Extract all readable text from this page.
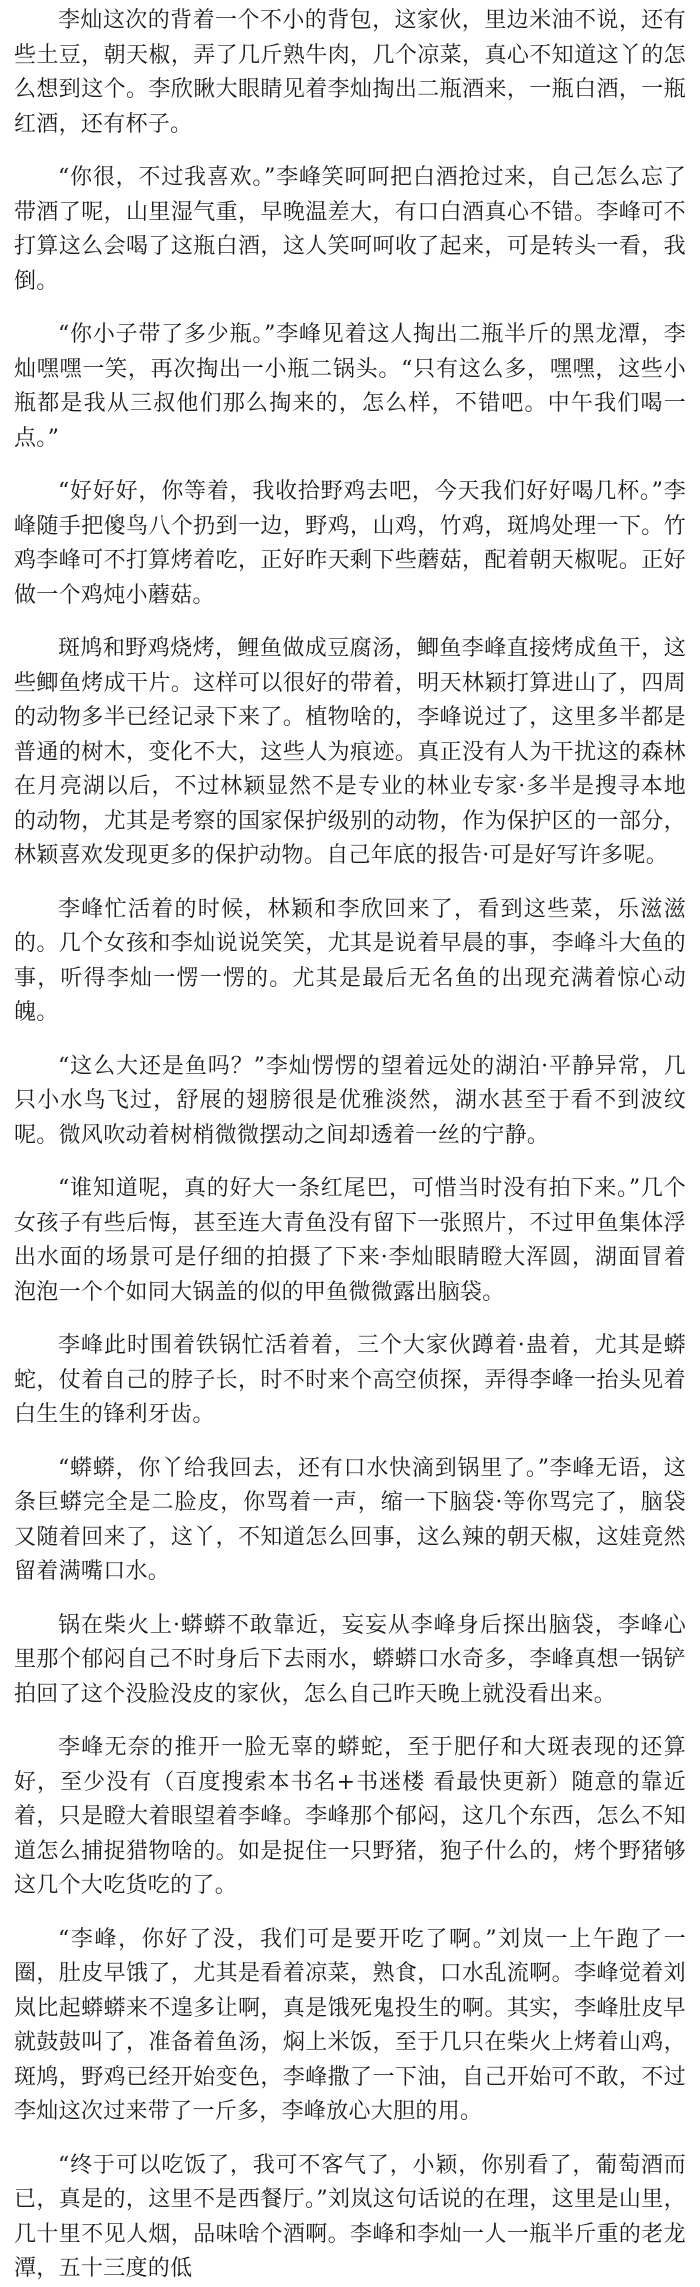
李灿这次的背着一个不小的背包，这家伙，里边米油不说，还有些土豆，朝天椒，弄了几斤熟牛肉，几个凉菜，真心不知道这丫的怎么想到这个。李欣瞅大眼睛见着李灿掏出二瓶酒来，一瓶白酒，一瓶红酒，还有杯子。

“你很，不过我喜欢。”李峰笑呵呵把白酒抢过来，自己怎么忘了带酒了呢，山里湿气重，早晚温差大，有口白酒真心不错。李峰可不打算这么会喝了这瓶白酒，这人笑呵呵收了起来，可是转头一看，我倒。

“你小子带了多少瓶。”李峰见着这人掏出二瓶半斤的黑龙潭，李灿嘿嘿一笑，再次掏出一小瓶二锅头。“只有这么多，嘿嘿，这些小瓶都是我从三叔他们那么掏来的，怎么样，不错吧。中午我们喝一点。”

“好好好，你等着，我收拾野鸡去吧，今天我们好好喝几杯。”李峰随手把傻鸟八个扔到一边，野鸡，山鸡，竹鸡，斑鸠处理一下。竹鸡李峰可不打算烤着吃，正好昨天剩下些蘑菇，配着朝天椒呢。正好做一个鸡炖小蘑菇。

斑鸠和野鸡烧烤，鲤鱼做成豆腐汤，鲫鱼李峰直接烤成鱼干，这些鲫鱼烤成干片。这样可以很好的带着，明天林颖打算进山了，四周的动物多半已经记录下来了。植物啥的，李峰说过了，这里多半都是普通的树木，变化不大，这些人为痕迹。真正没有人为干扰这的森林在月亮湖以后，不过林颖显然不是专业的林业专家·多半是搜寻本地的动物，尤其是考察的国家保护级别的动物，作为保护区的一部分，林颖喜欢发现更多的保护动物。自己年底的报告·可是好写许多呢。

李峰忙活着的时候，林颖和李欣回来了，看到这些菜，乐滋滋的。几个女孩和李灿说说笑笑，尤其是说着早晨的事，李峰斗大鱼的事，听得李灿一愣一愣的。尤其是最后无名鱼的出现充满着惊心动魄。

“这么大还是鱼吗？”李灿愣愣的望着远处的湖泊·平静异常，几只小水鸟飞过，舒展的翅膀很是优雅淡然，湖水甚至于看不到波纹呢。微风吹动着树梢微微摆动之间却透着一丝的宁静。

“谁知道呢，真的好大一条红尾巴，可惜当时没有拍下来。”几个女孩子有些后悔，甚至连大青鱼没有留下一张照片，不过甲鱼集体浮出水面的场景可是仔细的拍摄了下来·李灿眼睛瞪大浑圆，湖面冒着泡泡一个个如同大锅盖的似的甲鱼微微露出脑袋。

李峰此时围着铁锅忙活着着，三个大家伙蹲着·蛊着，尤其是蟒蛇，仗着自己的脖子长，时不时来个高空侦探，弄得李峰一抬头见着白生生的锋利牙齿。

“蟒蟒，你丫给我回去，还有口水快滴到锅里了。”李峰无语，这条巨蟒完全是二脸皮，你骂着一声，缩一下脑袋·等你骂完了，脑袋又随着回来了，这丫，不知道怎么回事，这么辣的朝天椒，这娃竟然留着满嘴口水。

锅在柴火上·蟒蟒不敢靠近，妄妄从李峰身后探出脑袋，李峰心里那个郁闷自己不时身后下去雨水，蟒蟒口水奇多，李峰真想一锅铲拍回了这个没脸没皮的家伙，怎么自己昨天晚上就没看出来。

李峰无奈的推开一脸无辜的蟒蛇，至于肥仔和大斑表现的还算好，至少没有（百度搜索本书名+书迷楼 看最快更新）随意的靠近着，只是瞪大着眼望着李峰。李峰那个郁闷，这几个东西，怎么不知道怎么捕捉猎物啥的。如是捉住一只野猪，狍子什么的，烤个野猪够这几个大吃货吃的了。

“李峰，你好了没，我们可是要开吃了啊。”刘岚一上午跑了一圈，肚皮早饿了，尤其是看着凉菜，熟食，口水乱流啊。李峰觉着刘岚比起蟒蟒来不遑多让啊，真是饿死鬼投生的啊。其实，李峰肚皮早就鼓鼓叫了，准备着鱼汤，焖上米饭，至于几只在柴火上烤着山鸡，斑鸠，野鸡已经开始变色，李峰撒了一下油，自己开始可不敢，不过李灿这次过来带了一斤多，李峰放心大胆的用。

“终于可以吃饭了，我可不客气了，小颖，你别看了，葡萄酒而已，真是的，这里不是西餐厅。”刘岚这句话说的在理，这里是山里，几十里不见人烟，品味啥个酒啊。李峰和李灿一人一瓶半斤重的老龙潭，五十三度的低
